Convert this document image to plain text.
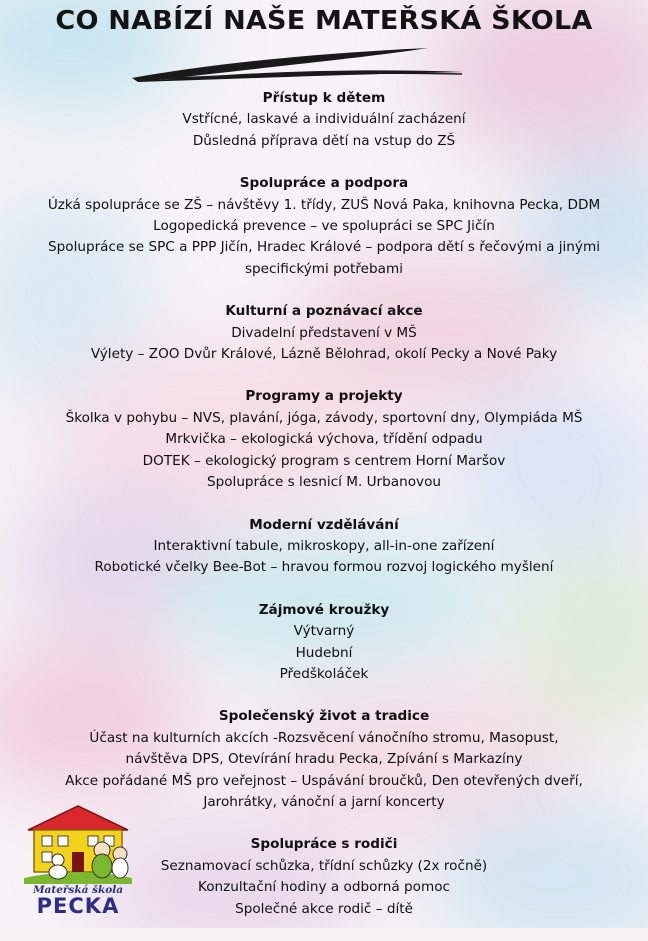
CO NABÍZÍ NAŠE MATEŘSKÁ ŠKOLA
Přístup k dětem
Vstřícné, laskavé a individuální zacházení
Důsledná příprava dětí na vstup do ZŠ
Spolupráce a podpora
Úzká spolupráce se ZŠ – návštěvy 1. třídy, ZUŠ Nová Paka, knihovna Pecka, DDM
Logopedická prevence – ve spolupráci se SPC Jičín
Spolupráce se SPC a PPP Jičín, Hradec Králové – podpora dětí s řečovými a jinými
specifickými potřebami
Kulturní a poznávací akce
Divadelní představení v MŠ
Výlety – ZOO Dvůr Králové, Lázně Bělohrad, okolí Pecky a Nové Paky
Programy a projekty
Školka v pohybu – NVS, plavání, jóga, závody, sportovní dny, Olympiáda MŠ
Mrkvička – ekologická výchova, třídění odpadu
DOTEK – ekologický program s centrem Horní Maršov
Spolupráce s lesnicí M. Urbanovou
Moderní vzdělávání
Interaktivní tabule, mikroskopy, all-in-one zařízení
Robotické včelky Bee-Bot – hravou formou rozvoj logického myšlení
Zájmové kroužky
Výtvarný
Hudební
Předškoláček
Společenský život a tradice
Účast na kulturních akcích -Rozsvěcení vánočního stromu, Masopust,
návštěva DPS, Otevírání hradu Pecka, Zpívání s Markazíny
Akce pořádané MŠ pro veřejnost – Uspávání broučků, Den otevřených dveří,
Jarohrátky, vánoční a jarní koncerty
Spolupráce s rodiči
Seznamovací schůzka, třídní schůzky (2x ročně)
Konzultační hodiny a odborná pomoc
Společné akce rodič – dítě
Mateřská škola
PECKA
